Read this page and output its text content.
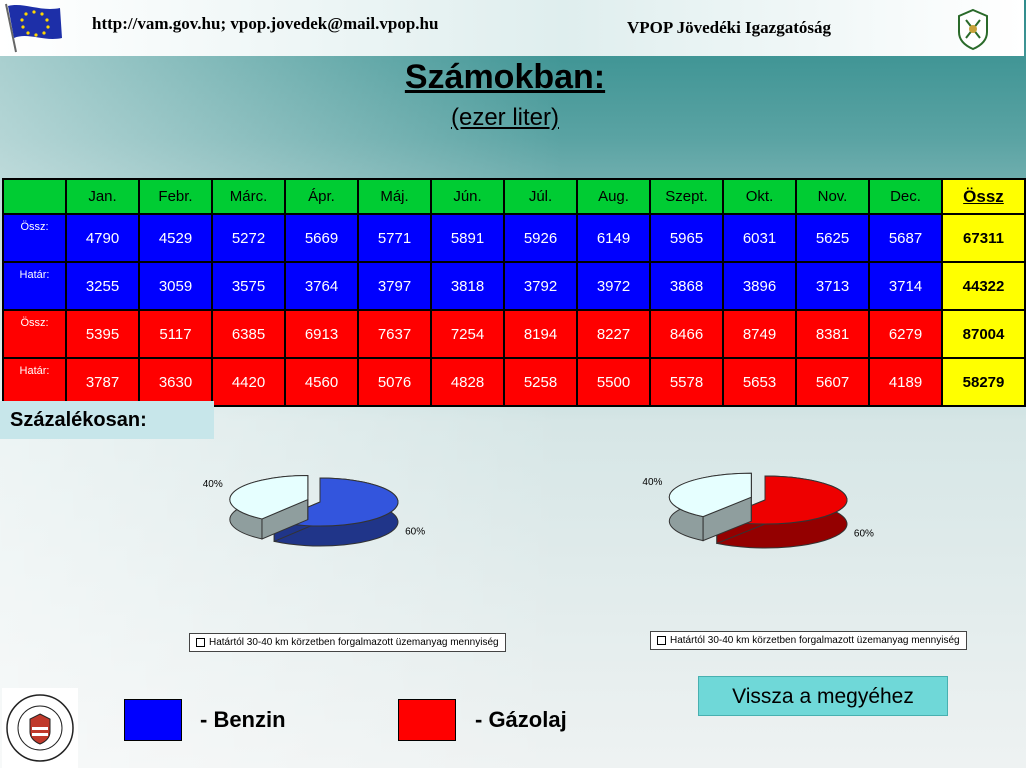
http://vam.gov.hu; vpop.jovedek@mail.vpop.hu	VPOP Jövedéki Igazgatóság
Számokban:
(ezer liter)
	Jan.	Febr.	Márc.	Ápr.	Máj.	Jún.	Júl.	Aug.	Szept.	Okt.	Nov.	Dec.	Össz
Össz:	4790	4529	5272	5669	5771	5891	5926	6149	5965	6031	5625	5687	67311
Határ:	3255	3059	3575	3764	3797	3818	3792	3972	3868	3896	3713	3714	44322
Össz:	5395	5117	6385	6913	7637	7254	8194	8227	8466	8749	8381	6279	87004
Határ:	3787	3630	4420	4560	5076	4828	5258	5500	5578	5653	5607	4189	58279
Százalékosan:
60%
40%
Határtól 30-40 km körzetben forgalmazott üzemanyag mennyiség
60%
40%
Határtól 30-40 km körzetben forgalmazott üzemanyag mennyiség
Vissza a megyéhez
- Benzin	- Gázolaj
